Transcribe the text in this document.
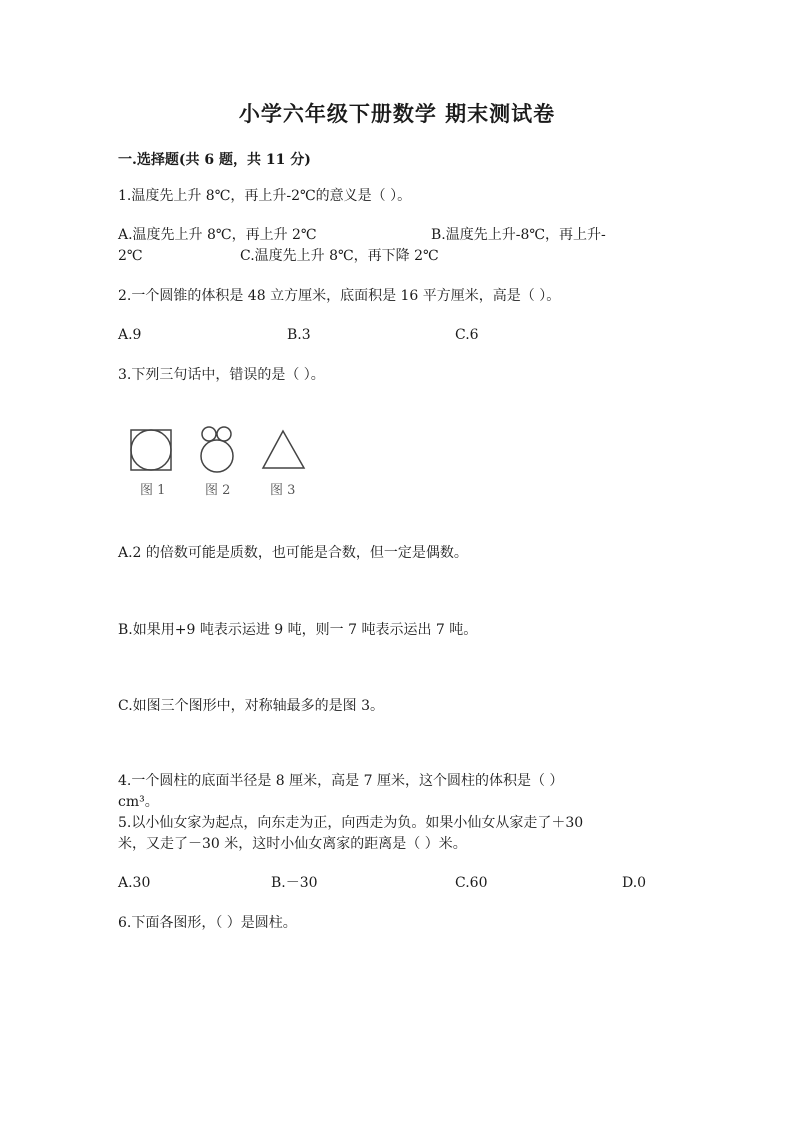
小学六年级下册数学 期末测试卷
一.选择题(共 6 题，共 11 分)
1.温度先上升 8℃，再上升-2℃的意义是（ ）。
A.温度先上升 8℃，再上升 2℃	B.温度先上升-8℃，再上升-
2℃	C.温度先上升 8℃，再下降 2℃
2.一个圆锥的体积是 48 立方厘米，底面积是 16 平方厘米，高是（ ）。
A.9	B.3	C.6
3.下列三句话中，错误的是（ ）。
图 1	图 2	图 3
A.2 的倍数可能是质数，也可能是合数，但一定是偶数。
B.如果用+9 吨表示运进 9 吨，则一 7 吨表示运出 7 吨。
C.如图三个图形中，对称轴最多的是图 3。
4.一个圆柱的底面半径是 8 厘米，高是 7 厘米，这个圆柱的体积是（ ）
cm³。
5.以小仙女家为起点，向东走为正，向西走为负。如果小仙女从家走了＋30
米，又走了－30 米，这时小仙女离家的距离是（ ）米。
A.30	B.－30	C.60	D.0
6.下面各图形，（ ）是圆柱。
